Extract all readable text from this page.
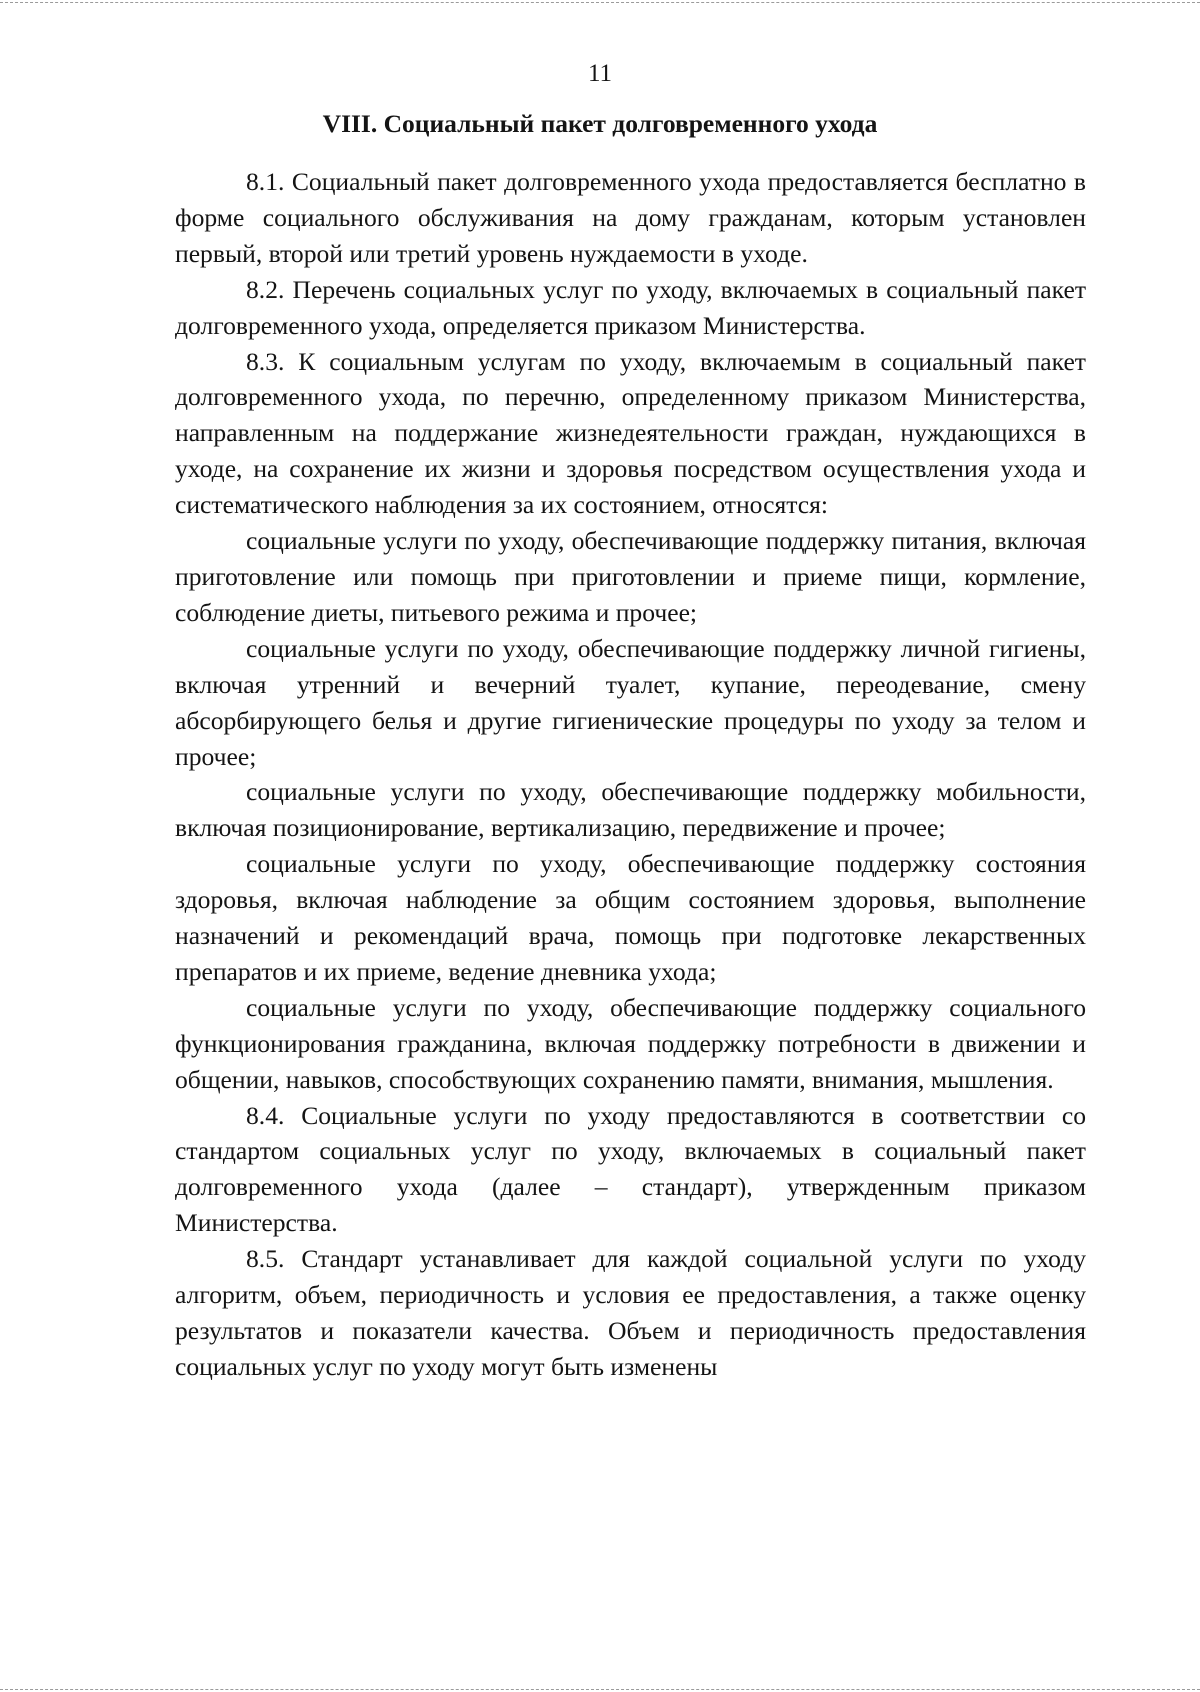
11
VIII. Социальный пакет долговременного ухода

8.1. Социальный пакет долговременного ухода предоставляется бесплатно в форме социального обслуживания на дому гражданам, которым установлен первый, второй или третий уровень нуждаемости в уходе.

8.2. Перечень социальных услуг по уходу, включаемых в социальный пакет долговременного ухода, определяется приказом Министерства.

8.3. К социальным услугам по уходу, включаемым в социальный пакет долговременного ухода, по перечню, определенному приказом Министерства, направленным на поддержание жизнедеятельности граждан, нуждающихся в уходе, на сохранение их жизни и здоровья посредством осуществления ухода и систематического наблюдения за их состоянием, относятся:

социальные услуги по уходу, обеспечивающие поддержку питания, включая приготовление или помощь при приготовлении и приеме пищи, кормление, соблюдение диеты, питьевого режима и прочее;

социальные услуги по уходу, обеспечивающие поддержку личной гигиены, включая утренний и вечерний туалет, купание, переодевание, смену абсорбирующего белья и другие гигиенические процедуры по уходу за телом и прочее;

социальные услуги по уходу, обеспечивающие поддержку мобильности, включая позиционирование, вертикализацию, передвижение и прочее;

социальные услуги по уходу, обеспечивающие поддержку состояния здоровья, включая наблюдение за общим состоянием здоровья, выполнение назначений и рекомендаций врача, помощь при подготовке лекарственных препаратов и их приеме, ведение дневника ухода;

социальные услуги по уходу, обеспечивающие поддержку социального функционирования гражданина, включая поддержку потребности в движении и общении, навыков, способствующих сохранению памяти, внимания, мышления.

8.4. Социальные услуги по уходу предоставляются в соответствии со стандартом социальных услуг по уходу, включаемых в социальный пакет долговременного ухода (далее – стандарт), утвержденным приказом Министерства.

8.5. Стандарт устанавливает для каждой социальной услуги по уходу алгоритм, объем, периодичность и условия ее предоставления, а также оценку результатов и показатели качества. Объем и периодичность предоставления социальных услуг по уходу могут быть изменены
